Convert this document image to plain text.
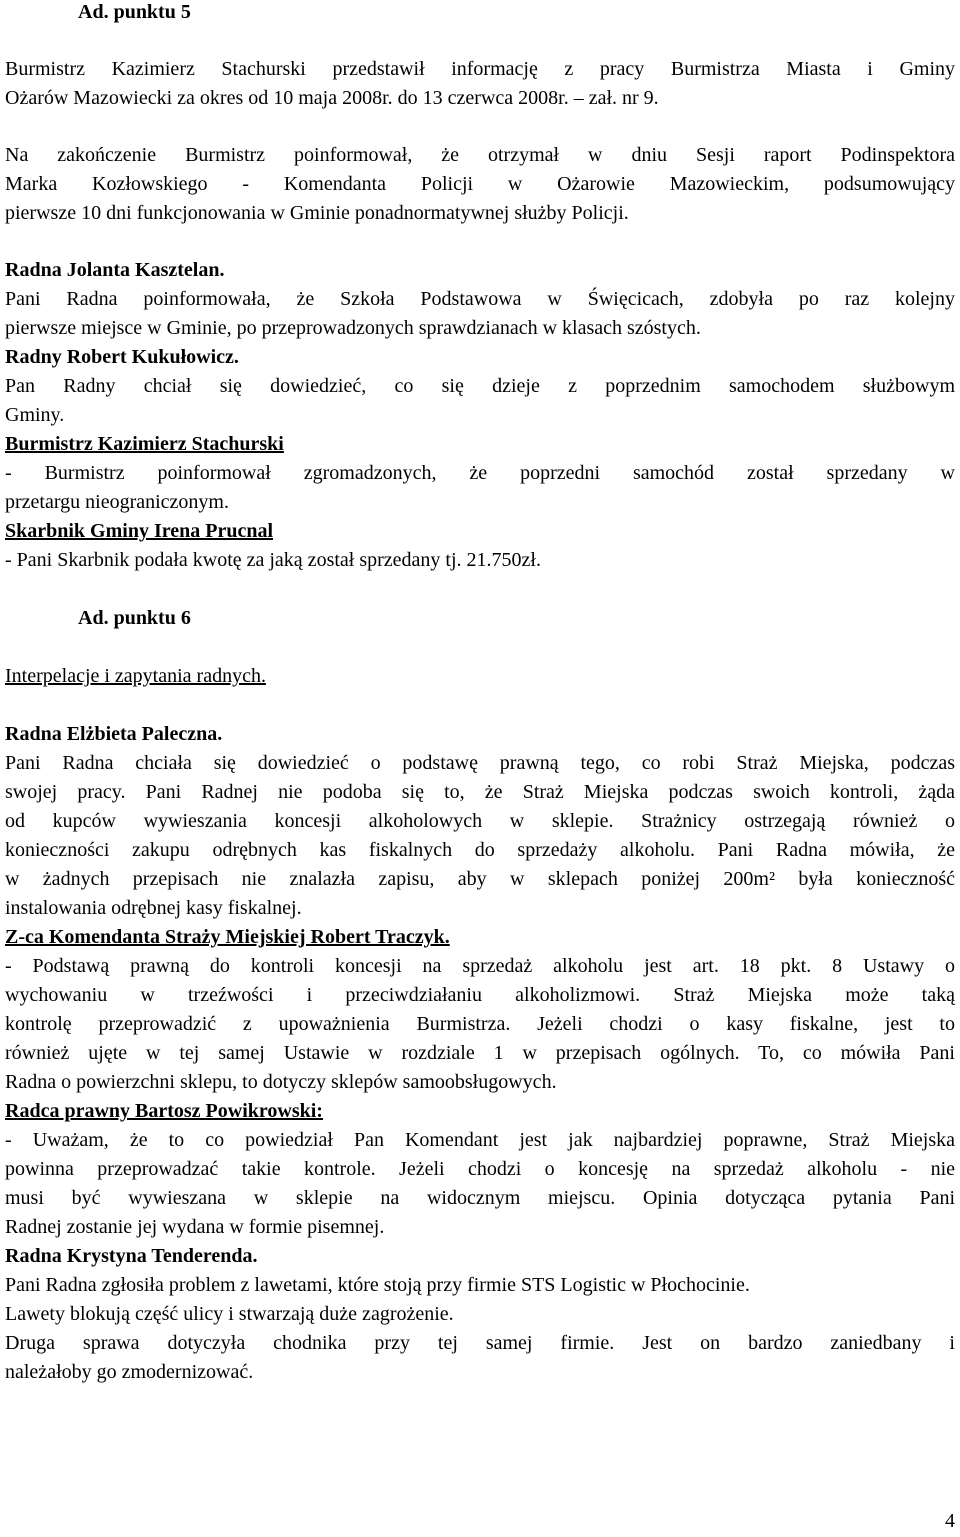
Ad. punktu 5
Burmistrz Kazimierz Stachurski przedstawił informację z pracy Burmistrza Miasta i Gminy
Ożarów Mazowiecki za okres od 10 maja 2008r. do 13 czerwca 2008r. – zał. nr 9.
Na zakończenie Burmistrz poinformował, że otrzymał w dniu Sesji raport Podinspektora
Marka Kozłowskiego - Komendanta Policji w Ożarowie Mazowieckim, podsumowujący
pierwsze 10 dni funkcjonowania w Gminie ponadnormatywnej służby Policji.
Radna Jolanta Kasztelan.
Pani Radna poinformowała, że Szkoła Podstawowa w Święcicach, zdobyła po raz kolejny
pierwsze miejsce w Gminie, po przeprowadzonych sprawdzianach w klasach szóstych.
Radny Robert Kukułowicz.
Pan Radny chciał się dowiedzieć, co się dzieje z poprzednim samochodem służbowym
Gminy.
Burmistrz Kazimierz Stachurski
- Burmistrz poinformował zgromadzonych, że poprzedni samochód został sprzedany w
przetargu nieograniczonym.
Skarbnik Gminy Irena Prucnal
- Pani Skarbnik podała kwotę za jaką został sprzedany tj. 21.750zł.
Ad. punktu 6
Interpelacje i zapytania radnych.
Radna Elżbieta Paleczna.
Pani Radna chciała się dowiedzieć o podstawę prawną tego, co robi Straż Miejska, podczas
swojej pracy. Pani Radnej nie podoba się to, że Straż Miejska podczas swoich kontroli, żąda
od kupców wywieszania koncesji alkoholowych w sklepie. Strażnicy ostrzegają również o
konieczności zakupu odrębnych kas fiskalnych do sprzedaży alkoholu. Pani Radna mówiła, że
w żadnych przepisach nie znalazła zapisu, aby w sklepach poniżej 200m² była konieczność
instalowania odrębnej kasy fiskalnej.
Z-ca Komendanta Straży Miejskiej Robert Traczyk.
- Podstawą prawną do kontroli koncesji na sprzedaż alkoholu jest art. 18 pkt. 8 Ustawy o
wychowaniu w trzeźwości i przeciwdziałaniu alkoholizmowi. Straż Miejska może taką
kontrolę przeprowadzić z upoważnienia Burmistrza. Jeżeli chodzi o kasy fiskalne, jest to
również ujęte w tej samej Ustawie w rozdziale 1 w przepisach ogólnych. To, co mówiła Pani
Radna o powierzchni sklepu, to dotyczy sklepów samoobsługowych.
Radca prawny Bartosz Powikrowski:
- Uważam, że to co powiedział Pan Komendant jest jak najbardziej poprawne, Straż Miejska
powinna przeprowadzać takie kontrole. Jeżeli chodzi o koncesję na sprzedaż alkoholu - nie
musi być wywieszana w sklepie na widocznym miejscu. Opinia dotycząca pytania Pani
Radnej zostanie jej wydana w formie pisemnej.
Radna Krystyna Tenderenda.
Pani Radna zgłosiła problem z lawetami, które stoją przy firmie STS Logistic w Płochocinie.
Lawety blokują część ulicy i stwarzają duże zagrożenie.
Druga sprawa dotyczyła chodnika przy tej samej firmie. Jest on bardzo zaniedbany i
należałoby go zmodernizować.
4
